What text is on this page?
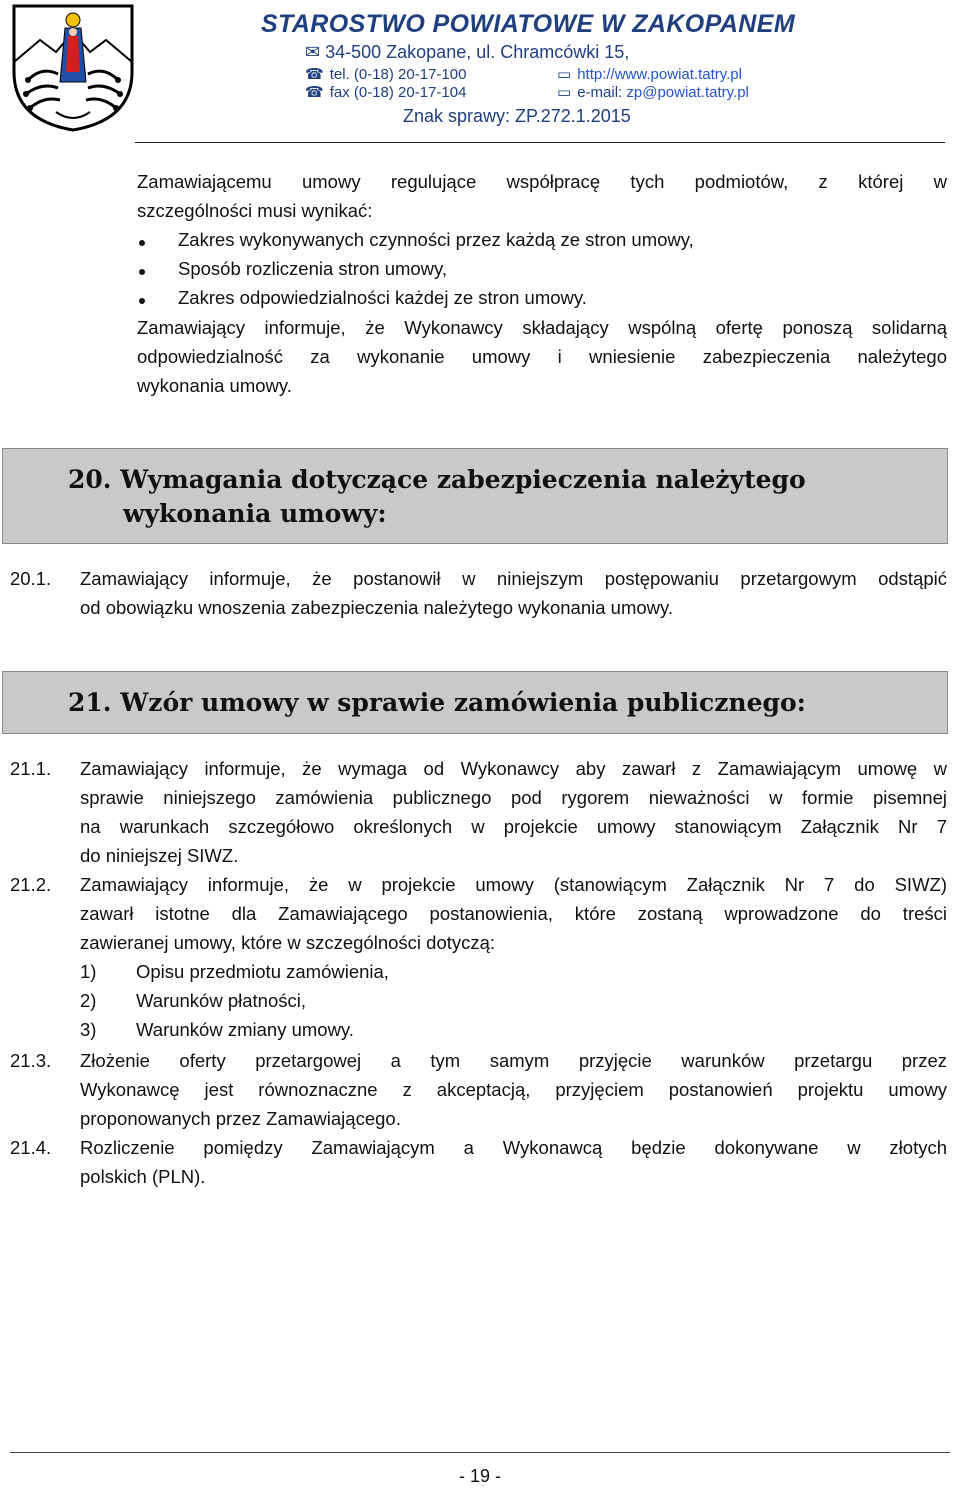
STAROSTWO POWIATOWE W ZAKOPANEM
✉ 34-500 Zakopane, ul. Chramcówki 15,
☎ tel. (0-18) 20-17-100
☎ fax (0-18) 20-17-104
▭ http://www.powiat.tatry.pl
▭ e-mail: zp@powiat.tatry.pl
Znak sprawy: ZP.272.1.2015
Zamawiającemu umowy regulujące współpracę tych podmiotów, z której w
szczególności musi wynikać:
Zakres wykonywanych czynności przez każdą ze stron umowy,
Sposób rozliczenia stron umowy,
Zakres odpowiedzialności każdej ze stron umowy.
Zamawiający informuje, że Wykonawcy składający wspólną ofertę ponoszą solidarną
odpowiedzialność za wykonanie umowy i wniesienie zabezpieczenia należytego
wykonania umowy.
20. Wymagania dotyczące zabezpieczenia należytego
wykonania umowy:
20.1. Zamawiający informuje, że postanowił w niniejszym postępowaniu przetargowym odstąpić
od obowiązku wnoszenia zabezpieczenia należytego wykonania umowy.
21. Wzór umowy w sprawie zamówienia publicznego:
21.1. Zamawiający informuje, że wymaga od Wykonawcy aby zawarł z Zamawiającym umowę w
sprawie niniejszego zamówienia publicznego pod rygorem nieważności w formie pisemnej
na warunkach szczegółowo określonych w projekcie umowy stanowiącym Załącznik Nr 7
do niniejszej SIWZ.
21.2. Zamawiający informuje, że w projekcie umowy (stanowiącym Załącznik Nr 7 do SIWZ)
zawarł istotne dla Zamawiającego postanowienia, które zostaną wprowadzone do treści
zawieranej umowy, które w szczególności dotyczą:
1) Opisu przedmiotu zamówienia,
2) Warunków płatności,
3) Warunków zmiany umowy.
21.3. Złożenie oferty przetargowej a tym samym przyjęcie warunków przetargu przez
Wykonawcę jest równoznaczne z akceptacją, przyjęciem postanowień projektu umowy
proponowanych przez Zamawiającego.
21.4. Rozliczenie pomiędzy Zamawiającym a Wykonawcą będzie dokonywane w złotych
polskich (PLN).
- 19 -
